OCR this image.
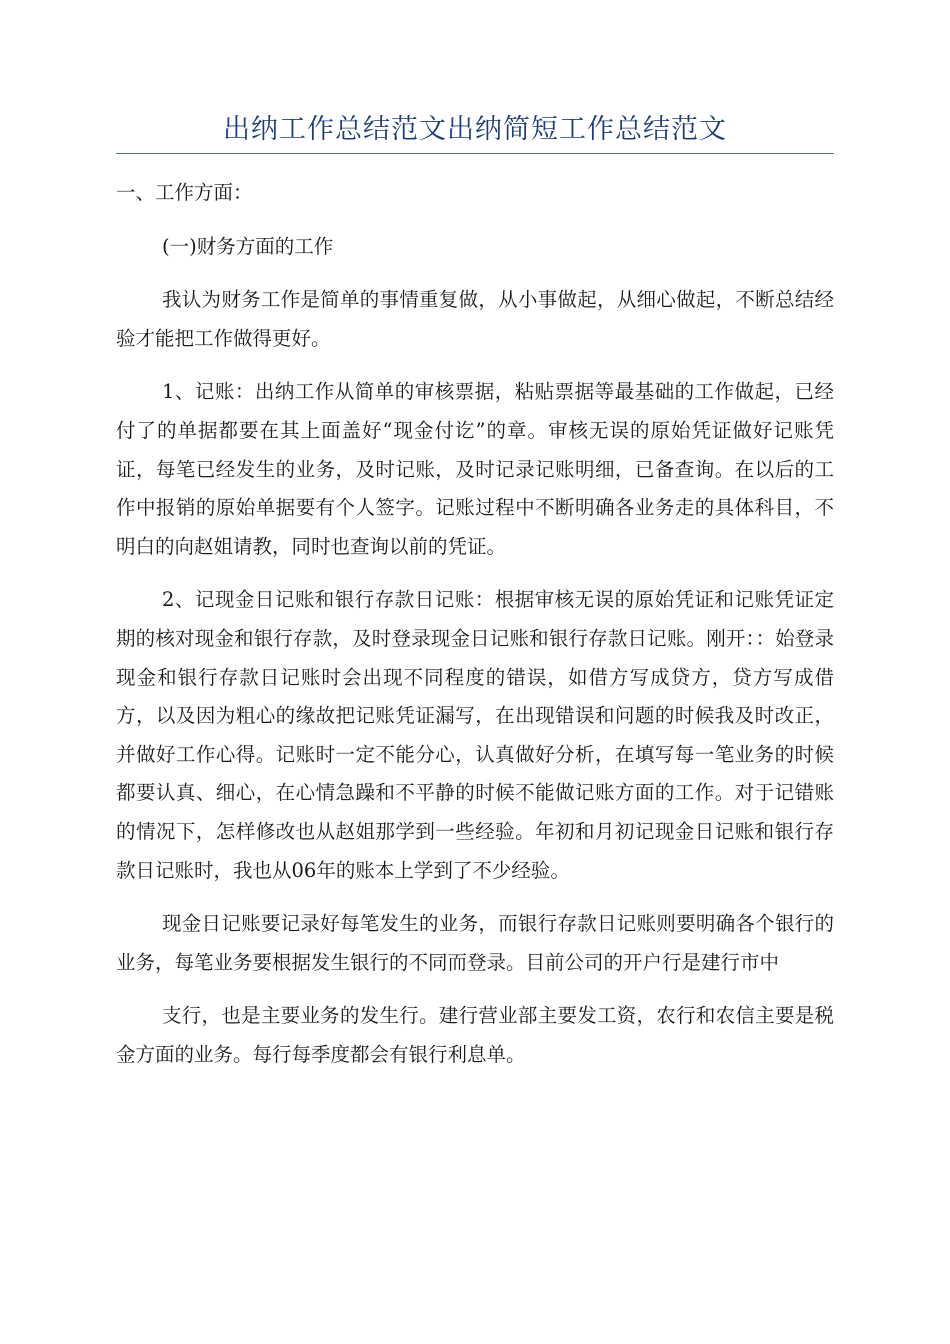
出纳工作总结范文出纳简短工作总结范文

一、工作方面：

(一)财务方面的工作

我认为财务工作是简单的事情重复做，从小事做起，从细心做起，不断总结经验才能把工作做得更好。

1、记账：出纳工作从简单的审核票据，粘贴票据等最基础的工作做起，已经付了的单据都要在其上面盖好“现金付讫”的章。审核无误的原始凭证做好记账凭证，每笔已经发生的业务，及时记账，及时记录记账明细，已备查询。在以后的工作中报销的原始单据要有个人签字。记账过程中不断明确各业务走的具体科目，不明白的向赵姐请教，同时也查询以前的凭证。

2、记现金日记账和银行存款日记账：根据审核无误的原始凭证和记账凭证定期的核对现金和银行存款，及时登录现金日记账和银行存款日记账。刚开：：始登录现金和银行存款日记账时会出现不同程度的错误，如借方写成贷方，贷方写成借方，以及因为粗心的缘故把记账凭证漏写，在出现错误和问题的时候我及时改正，并做好工作心得。记账时一定不能分心，认真做好分析，在填写每一笔业务的时候都要认真、细心，在心情急躁和不平静的时候不能做记账方面的工作。对于记错账的情况下，怎样修改也从赵姐那学到一些经验。年初和月初记现金日记账和银行存款日记账时，我也从06年的账本上学到了不少经验。

现金日记账要记录好每笔发生的业务，而银行存款日记账则要明确各个银行的业务，每笔业务要根据发生银行的不同而登录。目前公司的开户行是建行市中

支行，也是主要业务的发生行。建行营业部主要发工资，农行和农信主要是税金方面的业务。每行每季度都会有银行利息单。
